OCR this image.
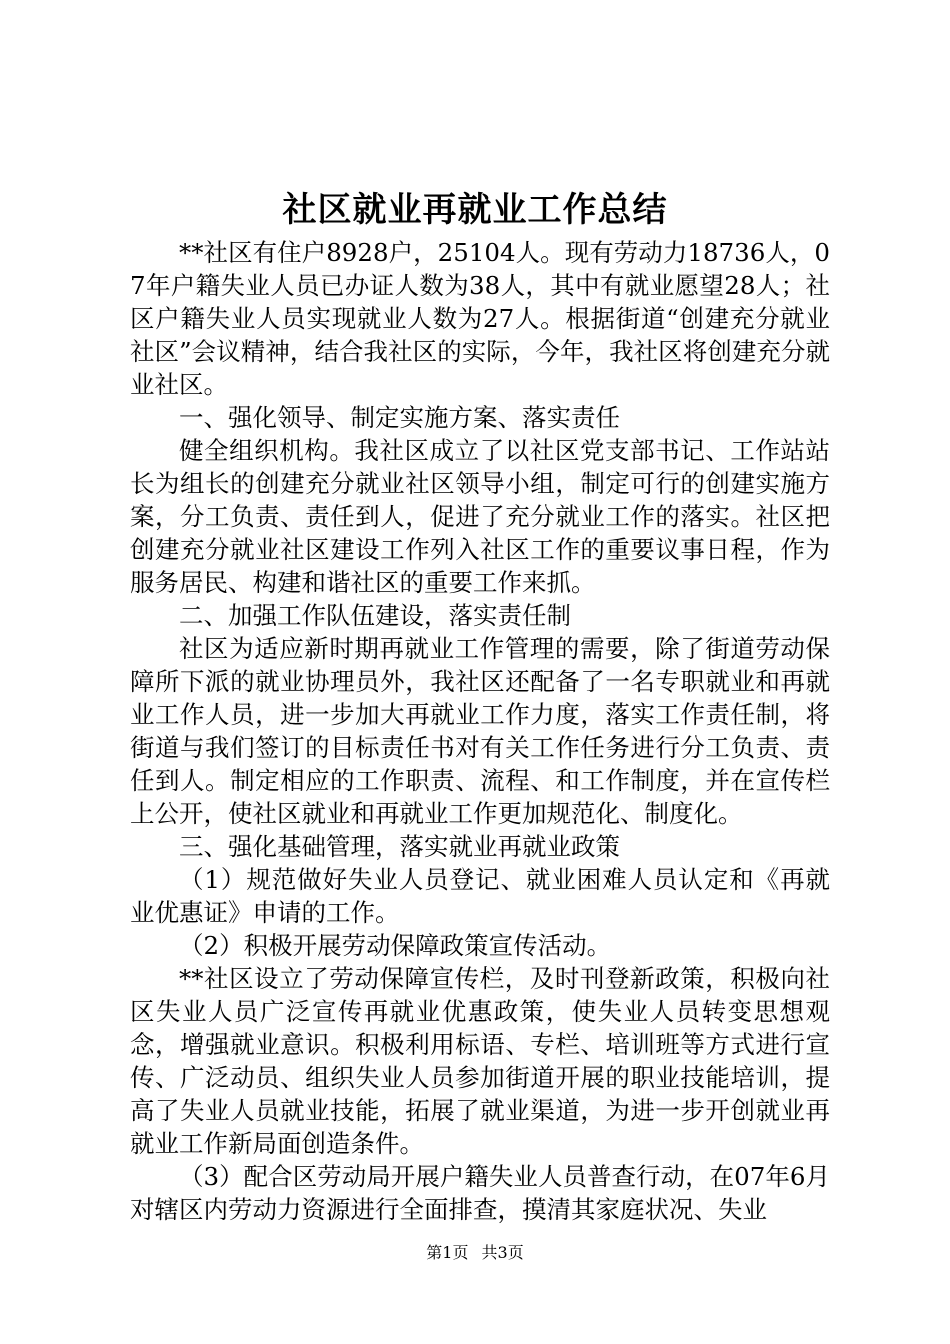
社区就业再就业工作总结

**社区有住户8928户，25104人。现有劳动力18736人，07年户籍失业人员已办证人数为38人，其中有就业愿望28人；社区户籍失业人员实现就业人数为27人。根据街道“创建充分就业社区”会议精神，结合我社区的实际，今年，我社区将创建充分就业社区。

一、强化领导、制定实施方案、落实责任

健全组织机构。我社区成立了以社区党支部书记、工作站站长为组长的创建充分就业社区领导小组，制定可行的创建实施方案，分工负责、责任到人，促进了充分就业工作的落实。社区把创建充分就业社区建设工作列入社区工作的重要议事日程，作为服务居民、构建和谐社区的重要工作来抓。

二、加强工作队伍建设，落实责任制

社区为适应新时期再就业工作管理的需要，除了街道劳动保障所下派的就业协理员外，我社区还配备了一名专职就业和再就业工作人员，进一步加大再就业工作力度，落实工作责任制，将街道与我们签订的目标责任书对有关工作任务进行分工负责、责任到人。制定相应的工作职责、流程、和工作制度，并在宣传栏上公开，使社区就业和再就业工作更加规范化、制度化。

三、强化基础管理，落实就业再就业政策

（1）规范做好失业人员登记、就业困难人员认定和《再就业优惠证》申请的工作。

（2）积极开展劳动保障政策宣传活动。

**社区设立了劳动保障宣传栏，及时刊登新政策，积极向社区失业人员广泛宣传再就业优惠政策，使失业人员转变思想观念，增强就业意识。积极利用标语、专栏、培训班等方式进行宣传、广泛动员、组织失业人员参加街道开展的职业技能培训，提高了失业人员就业技能，拓展了就业渠道，为进一步开创就业再就业工作新局面创造条件。

（3）配合区劳动局开展户籍失业人员普查行动，在07年6月对辖区内劳动力资源进行全面排查，摸清其家庭状况、失业

第1页 共3页
